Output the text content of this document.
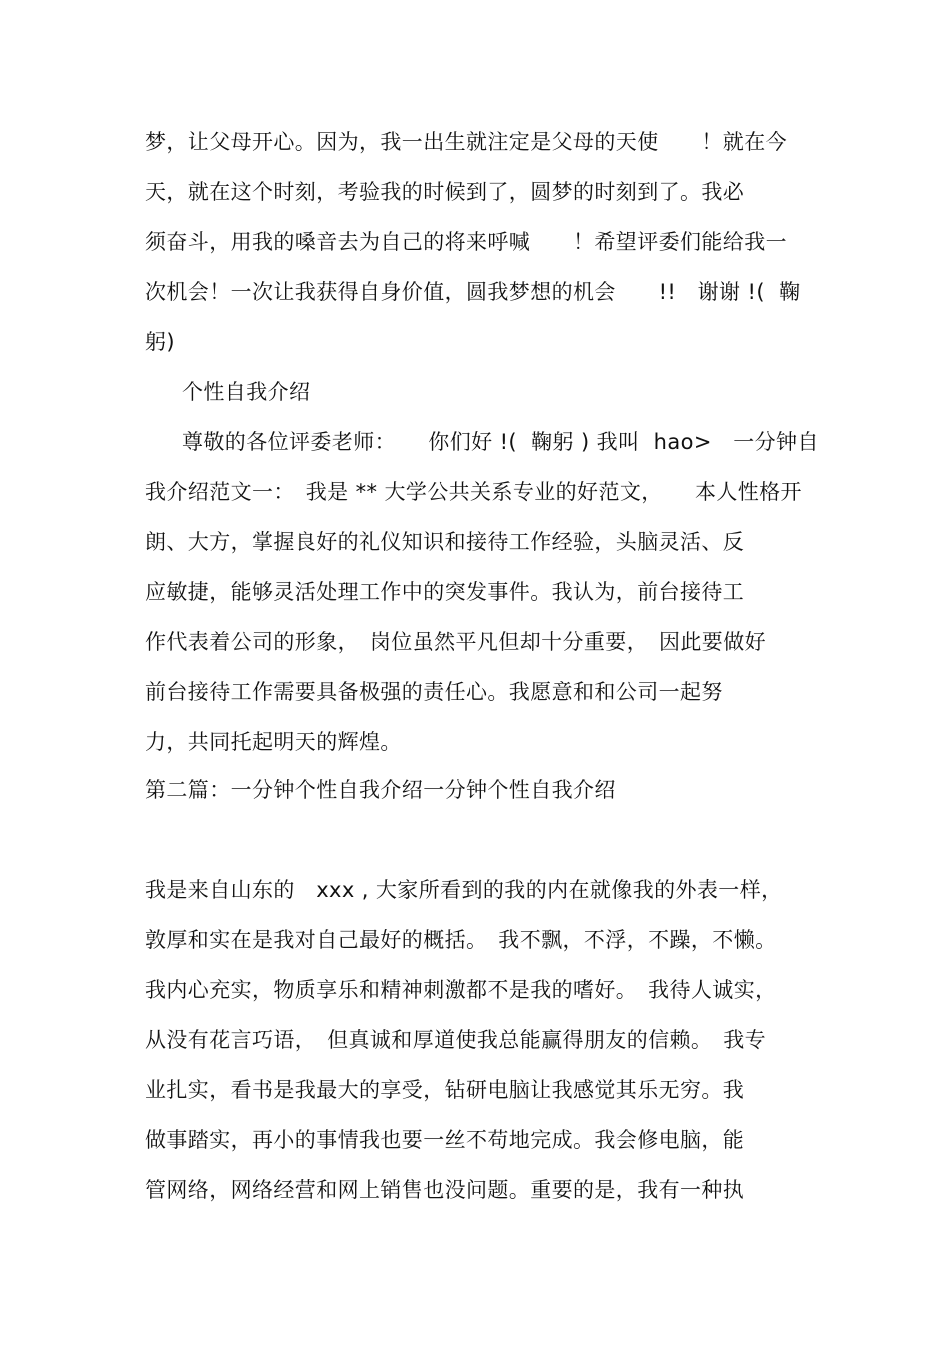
梦，让父母开心。因为，我一出生就注定是父母的天使　　！就在今
天，就在这个时刻，考验我的时候到了，圆梦的时刻到了。我必
须奋斗，用我的嗓音去为自己的将来呼喊　　！希望评委们能给我一
次机会！一次让我获得自身价值，圆我梦想的机会　　!!　谢谢 !(  鞠
躬)
个性自我介绍
尊敬的各位评委老师：　　你们好 !(  鞠躬 ) 我叫  hao>　一分钟自
我介绍范文一：　我是 ** 大学公共关系专业的好范文，　　本人性格开
朗、大方，掌握良好的礼仪知识和接待工作经验，头脑灵活、反
应敏捷，能够灵活处理工作中的突发事件。我认为，前台接待工
作代表着公司的形象，　岗位虽然平凡但却十分重要，　因此要做好
前台接待工作需要具备极强的责任心。我愿意和和公司一起努
力，共同托起明天的辉煌。
第二篇：一分钟个性自我介绍一分钟个性自我介绍
我是来自山东的　xxx , 大家所看到的我的内在就像我的外表一样，
敦厚和实在是我对自己最好的概括。　我不飘，不浮，不躁，不懒。
我内心充实，物质享乐和精神刺激都不是我的嗜好。　我待人诚实，
从没有花言巧语，　但真诚和厚道使我总能赢得朋友的信赖。　我专
业扎实，看书是我最大的享受，钻研电脑让我感觉其乐无穷。我
做事踏实，再小的事情我也要一丝不苟地完成。我会修电脑，能
管网络，网络经营和网上销售也没问题。重要的是，我有一种执
